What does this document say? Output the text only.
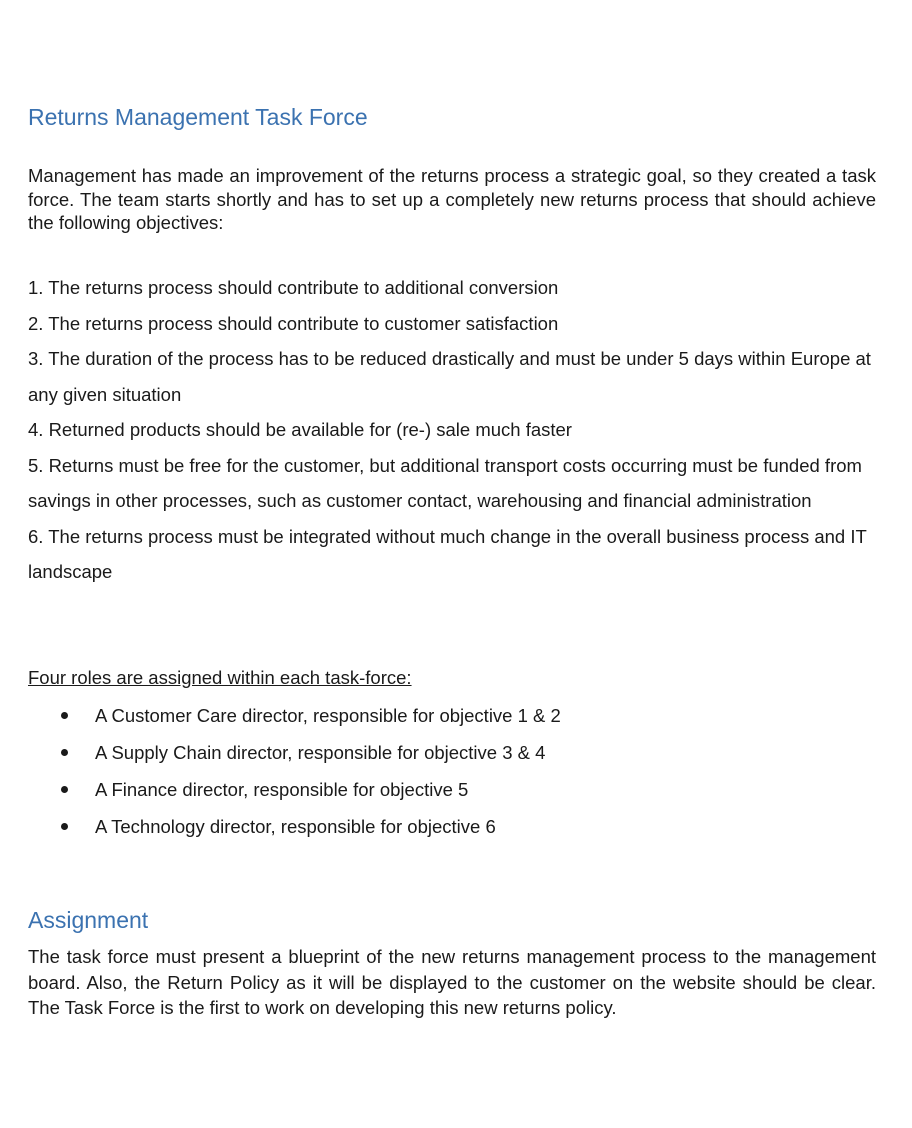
Returns Management Task Force

Management has made an improvement of the returns process a strategic goal, so they created a task force. The team starts shortly and has to set up a completely new returns process that should achieve the following objectives:

1. The returns process should contribute to additional conversion
2. The returns process should contribute to customer satisfaction
3. The duration of the process has to be reduced drastically and must be under 5 days within Europe at any given situation
4. Returned products should be available for (re-) sale much faster
5. Returns must be free for the customer, but additional transport costs occurring must be funded from savings in other processes, such as customer contact, warehousing and financial administration
6. The returns process must be integrated without much change in the overall business process and IT landscape

Four roles are assigned within each task-force:

A Customer Care director, responsible for objective 1 & 2
A Supply Chain director, responsible for objective 3 & 4
A Finance director, responsible for objective 5
A Technology director, responsible for objective 6
Assignment

The task force must present a blueprint of the new returns management process to the management board. Also, the Return Policy as it will be displayed to the customer on the website should be clear. The Task Force is the first to work on developing this new returns policy.
